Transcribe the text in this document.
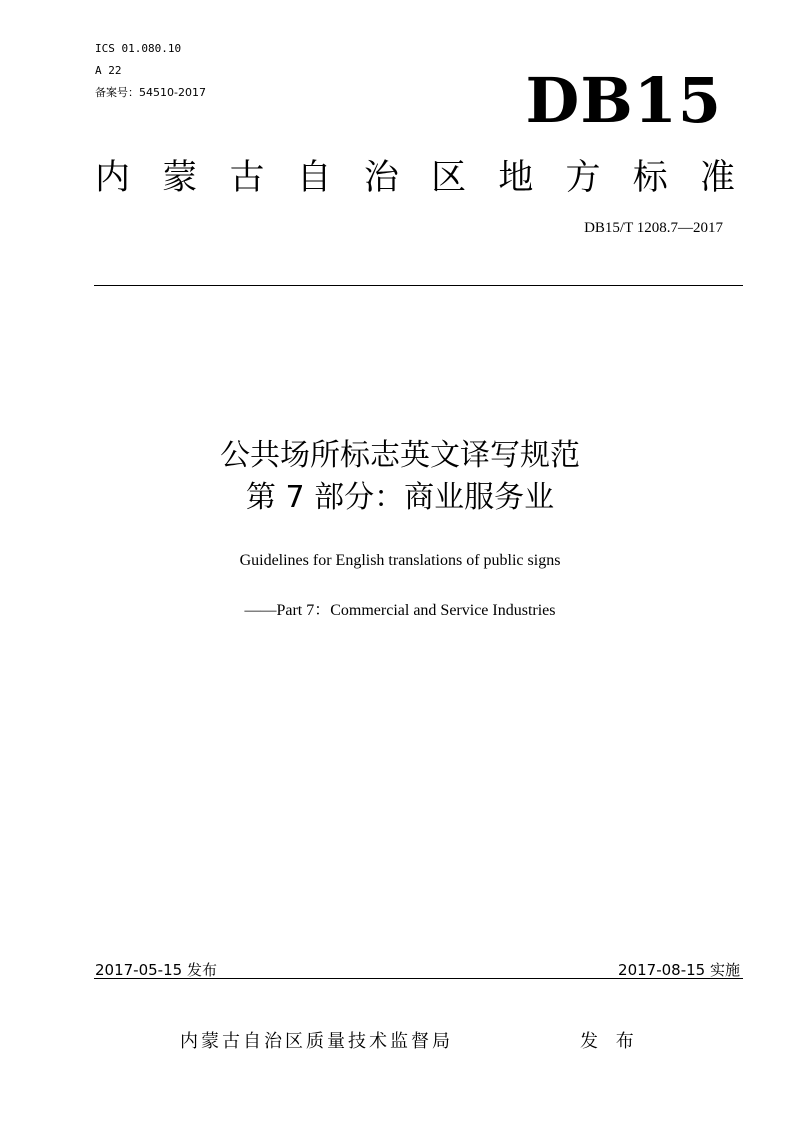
ICS 01.080.10
A 22
备案号：54510-2017	DB15
内 蒙 古 自 治 区 地 方 标 准
DB15/T 1208.7—2017
公共场所标志英文译写规范
第 7 部分：商业服务业
Guidelines for English translations of public signs
——Part 7：Commercial and Service Industries
2017-05-15 发布	2017-08-15 实施
内蒙古自治区质量技术监督局	发 布
